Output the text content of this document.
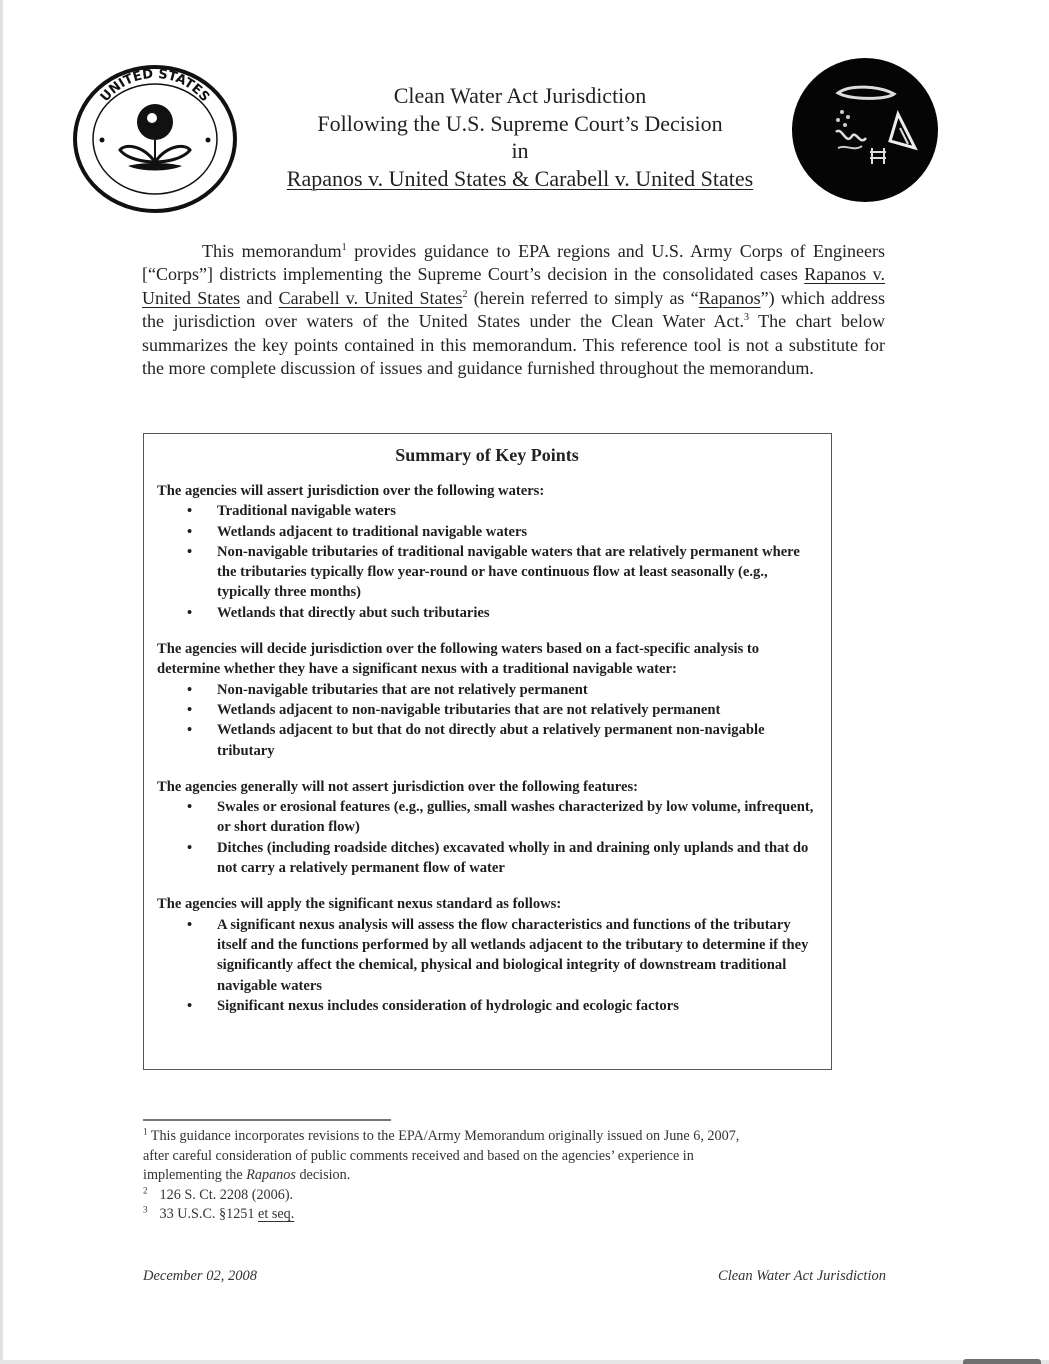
UNITED STATES	Clean Water Act Jurisdiction
Following the U.S. Supreme Court’s Decision
in
Rapanos v. United States & Carabell v. United States

This memorandum$^1$ provides guidance to EPA regions and U.S. Army Corps of Engineers [“Corps”] districts implementing the Supreme Court’s decision in the consolidated cases Rapanos v. United States and Carabell v. United States$^2$ (herein referred to simply as “Rapanos”) which address the jurisdiction over waters of the United States under the Clean Water Act.$^3$ The chart below summarizes the key points contained in this memorandum. This reference tool is not a substitute for the more complete discussion of issues and guidance furnished throughout the memorandum.

Summary of Key Points
The agencies will assert jurisdiction over the following waters:
• Traditional navigable waters
• Wetlands adjacent to traditional navigable waters
• Non-navigable tributaries of traditional navigable waters that are relatively permanent where the tributaries typically flow year-round or have continuous flow at least seasonally (e.g., typically three months)
• Wetlands that directly abut such tributaries
The agencies will decide jurisdiction over the following waters based on a fact-specific analysis to determine whether they have a significant nexus with a traditional navigable water:
• Non-navigable tributaries that are not relatively permanent
• Wetlands adjacent to non-navigable tributaries that are not relatively permanent
• Wetlands adjacent to but that do not directly abut a relatively permanent non-navigable tributary
The agencies generally will not assert jurisdiction over the following features:
• Swales or erosional features (e.g., gullies, small washes characterized by low volume, infrequent, or short duration flow)
• Ditches (including roadside ditches) excavated wholly in and draining only uplands and that do not carry a relatively permanent flow of water
The agencies will apply the significant nexus standard as follows:
• A significant nexus analysis will assess the flow characteristics and functions of the tributary itself and the functions performed by all wetlands adjacent to the tributary to determine if they significantly affect the chemical, physical and biological integrity of downstream traditional navigable waters
• Significant nexus includes consideration of hydrologic and ecologic factors
$^1$ This guidance incorporates revisions to the EPA/Army Memorandum originally issued on June 6, 2007,
after careful consideration of public comments received and based on the agencies’ experience in
implementing the Rapanos decision.
$^2$ 126 S. Ct. 2208 (2006).
$^3$ 33 U.S.C. §1251 et seq.
December 02, 2008	Clean Water Act Jurisdiction
